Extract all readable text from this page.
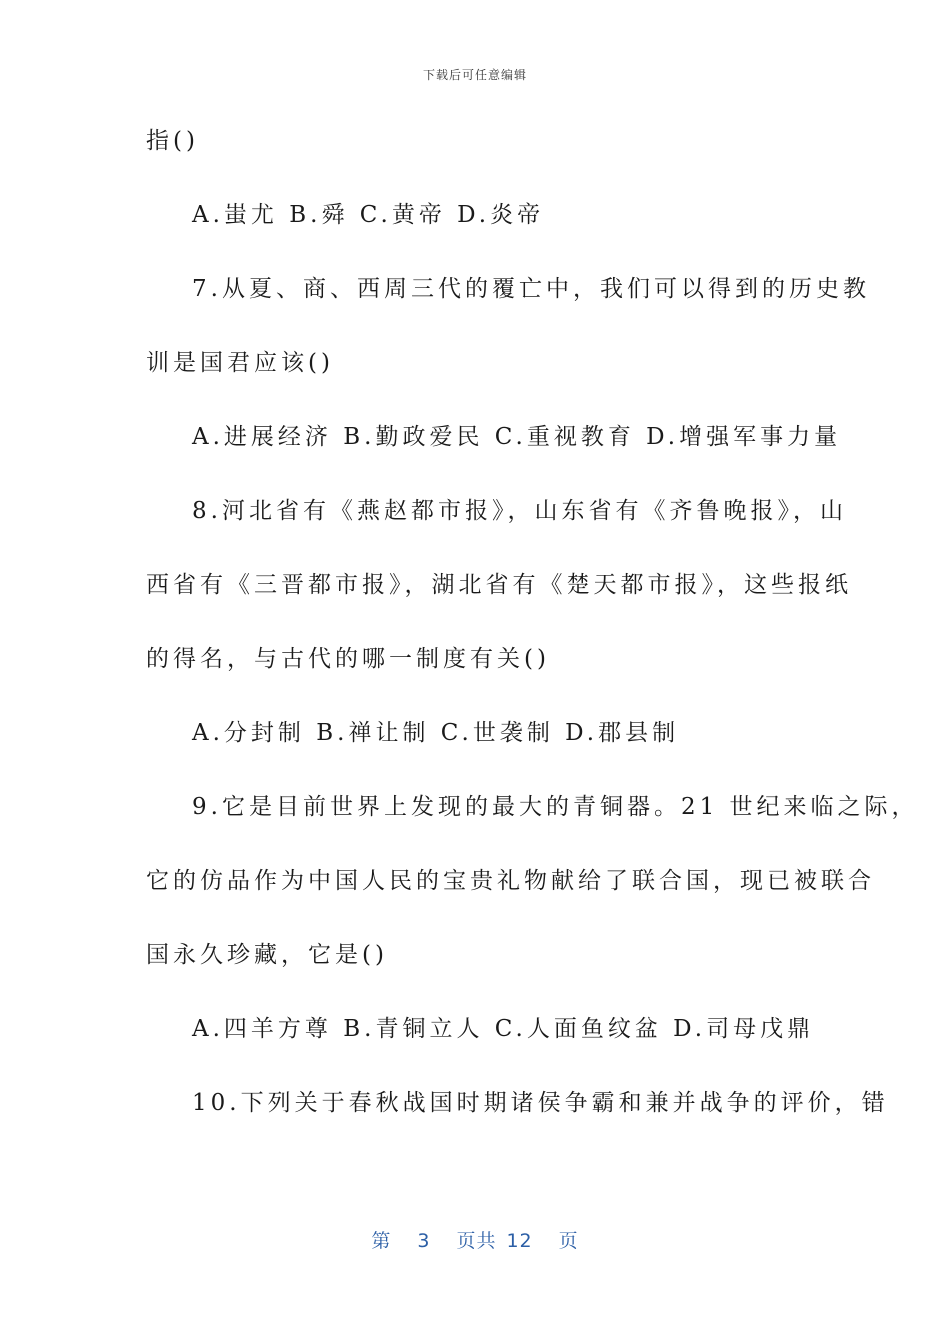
下载后可任意编辑
指()
A.蚩尤 B.舜 C.黄帝 D.炎帝
7.从夏、商、西周三代的覆亡中，我们可以得到的历史教
训是国君应该()
A.进展经济 B.勤政爱民 C.重视教育 D.增强军事力量
8.河北省有《燕赵都市报》，山东省有《齐鲁晚报》，山
西省有《三晋都市报》，湖北省有《楚天都市报》，这些报纸
的得名，与古代的哪一制度有关()
A.分封制 B.禅让制 C.世袭制 D.郡县制
9.它是目前世界上发现的最大的青铜器。21 世纪来临之际，
它的仿品作为中国人民的宝贵礼物献给了联合国，现已被联合
国永久珍藏，它是()
A.四羊方尊 B.青铜立人 C.人面鱼纹盆 D.司母戊鼎
10.下列关于春秋战国时期诸侯争霸和兼并战争的评价，错
第 3 页共 12 页
